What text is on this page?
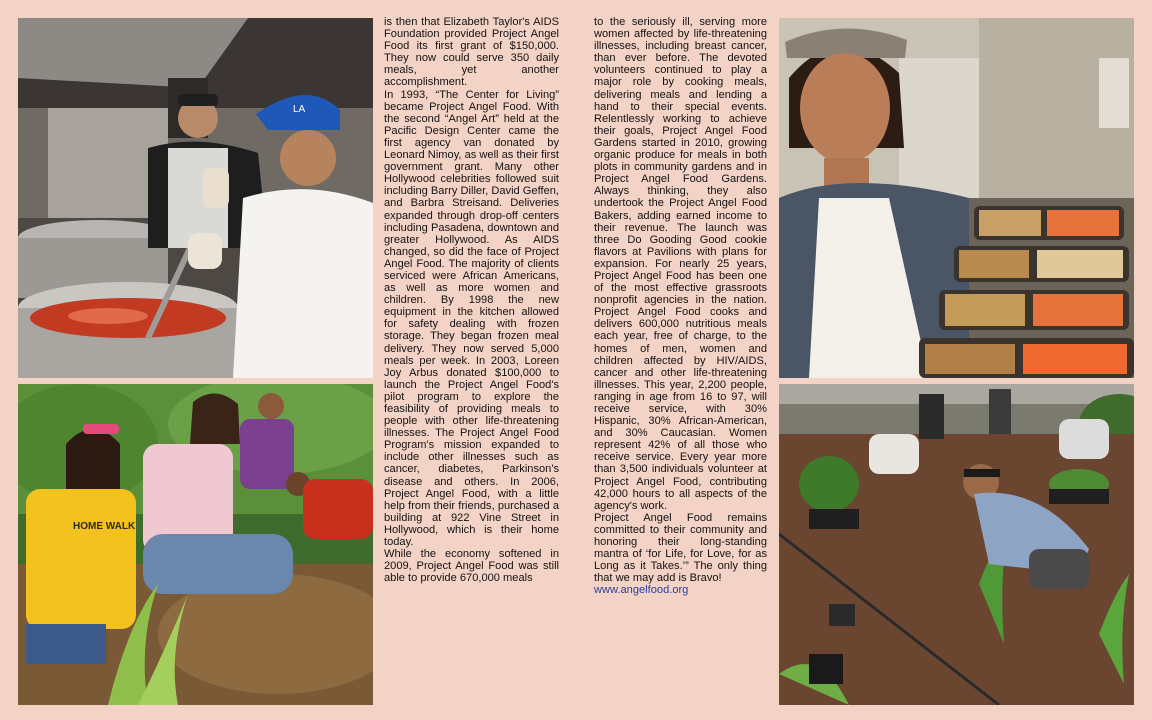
LA
HOME WALK

is then that Elizabeth Taylor's AIDS Foundation provided Project Angel Food its first grant of $150,000. They now could serve 350 daily meals, yet another accomplishment.

In 1993, “The Center for Living” became Project Angel Food. With the second “Angel Art” held at the Pacific Design Center came the first agency van donated by Leonard Nimoy, as well as their first government grant. Many other Hollywood celebrities followed suit including Barry Diller, David Geffen, and Barbra Streisand. Deliveries expanded through drop-off centers including Pasadena, downtown and greater Hollywood. As AIDS changed, so did the face of Project Angel Food. The majority of clients serviced were African Americans, as well as more women and children. By 1998 the new equipment in the kitchen allowed for safety dealing with frozen storage. They began frozen meal delivery. They now served 5,000 meals per week. In 2003, Loreen Joy Arbus donated $100,000 to launch the Project Angel Food's pilot program to explore the feasibility of providing meals to people with other life-threatening illnesses. The Project Angel Food Program's mission expanded to include other illnesses such as cancer, diabetes, Parkinson's disease and others. In 2006, Project Angel Food, with a little help from their friends, purchased a building at 922 Vine Street in Hollywood, which is their home today.

While the economy softened in 2009, Project Angel Food was still able to provide 670,000 meals

to the seriously ill, serving more women affected by life-threatening illnesses, including breast cancer, than ever before. The devoted volunteers continued to play a major role by cooking meals, delivering meals and lending a hand to their special events. Relentlessly working to achieve their goals, Project Angel Food Gardens started in 2010, growing organic produce for meals in both plots in community gardens and in Project Angel Food Gardens. Always thinking, they also undertook the Project Angel Food Bakers, adding earned income to their revenue. The launch was three Do Gooding Good cookie flavors at Pavilions with plans for expansion. For nearly 25 years, Project Angel Food has been one of the most effective grassroots nonprofit agencies in the nation. Project Angel Food cooks and delivers 600,000 nutritious meals each year, free of charge, to the homes of men, women and children affected by HIV/AIDS, cancer and other life-threatening illnesses. This year, 2,200 people, ranging in age from 16 to 97, will receive service, with 30% Hispanic, 30% African-American, and 30% Caucasian. Women represent 42% of all those who receive service. Every year more than 3,500 individuals volunteer at Project Angel Food, contributing 42,000 hours to all aspects of the agency's work.

Project Angel Food remains committed to their community and honoring their long-standing mantra of ‘for Life, for Love, for as Long as it Takes.’” The only thing that we may add is Bravo!

www.angelfood.org
